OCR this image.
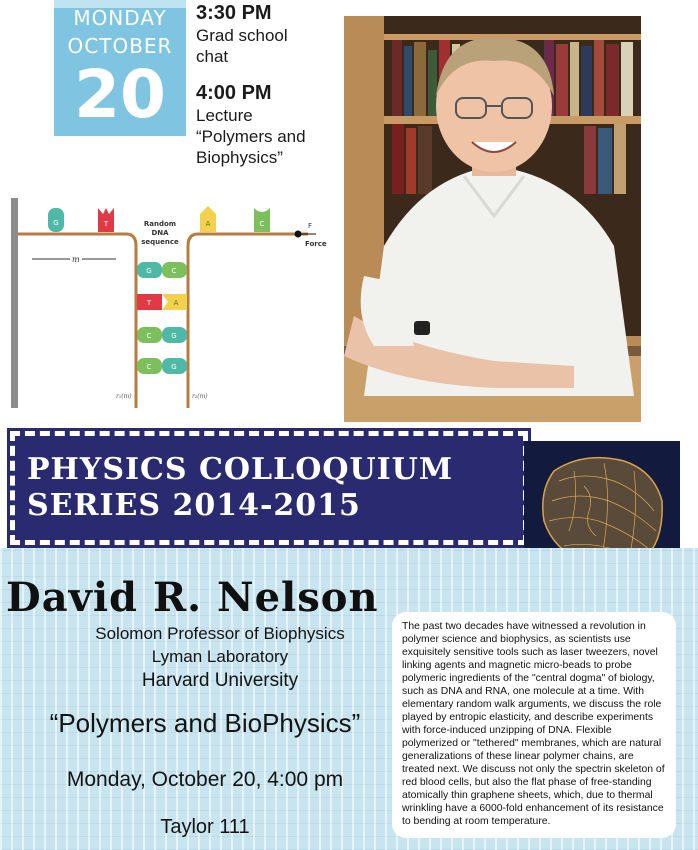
MONDAY
OCTOBER
20
3:30 PM
Grad school
chat
4:00 PM
Lecture
“Polymers and
Biophysics”
F
Force
m
Random
DNA
sequence
G	T	A	C
G	C
T	A
C	G
C	G
r₁(m)	r₂(m)
PHYSICS COLLOQUIUM
SERIES 2014-2015
David R. Nelson
Solomon Professor of Biophysics
Lyman Laboratory
Harvard University
“Polymers and BioPhysics”
Monday, October 20, 4:00 pm
Taylor 111
The past two decades have witnessed a revolution in polymer science and biophysics, as scientists use exquisitely sensitive tools such as laser tweezers, novel linking agents and magnetic micro-beads to probe polymeric ingredients of the "central dogma" of biology, such as DNA and RNA, one molecule at a time. With elementary random walk arguments, we discuss the role played by entropic elasticity, and describe experiments with force-induced unzipping of DNA. Flexible polymerized or "tethered" membranes, which are natural generalizations of these linear polymer chains, are treated next. We discuss not only the spectrin skeleton of red blood cells, but also the flat phase of free-standing atomically thin graphene sheets, which, due to thermal wrinkling have a 6000-fold enhancement of its resistance to bending at room temperature.
